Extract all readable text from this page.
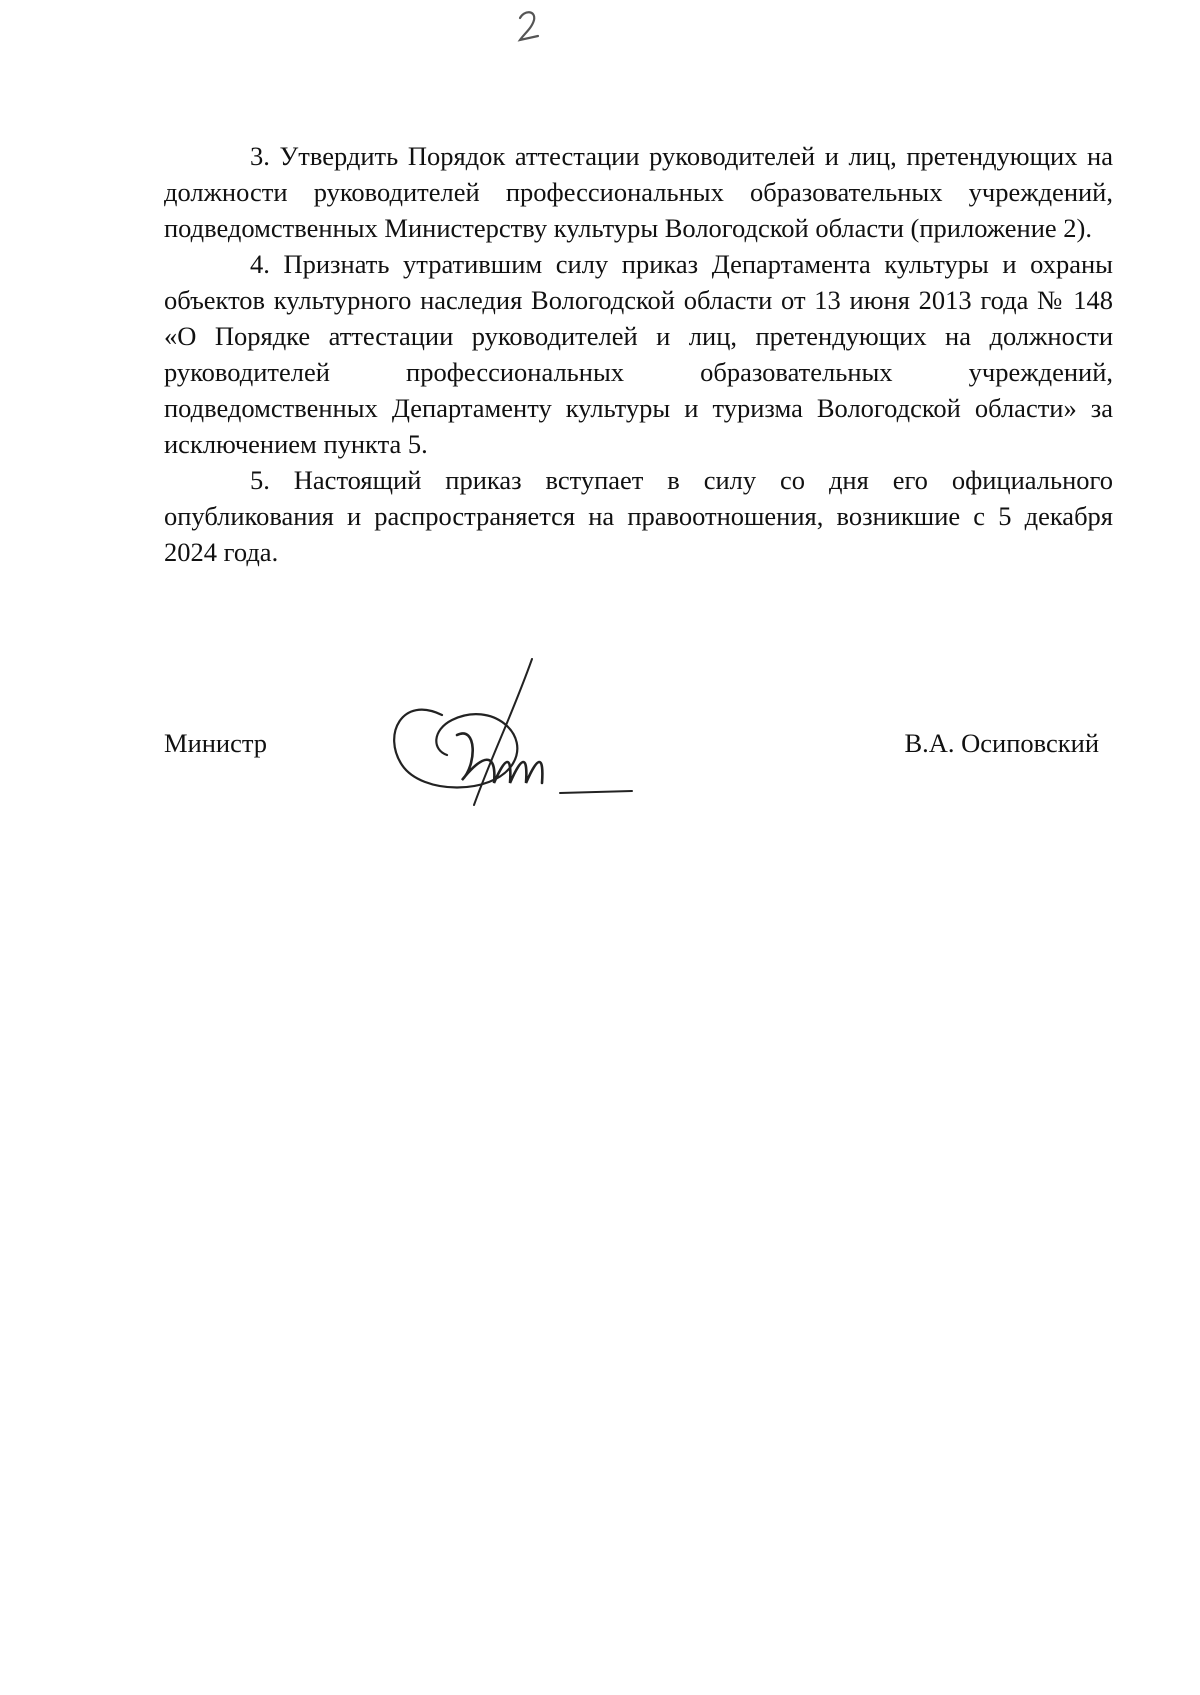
3. Утвердить Порядок аттестации руководителей и лиц, претендующих на должности руководителей профессиональных образовательных учреждений, подведомственных Министерству культуры Вологодской области (приложение 2).

4. Признать утратившим силу приказ Департамента культуры и охраны объектов культурного наследия Вологодской области от 13 июня 2013 года № 148 «О Порядке аттестации руководителей и лиц, претендующих на должности руководителей профессиональных образовательных учреждений, подведомственных Департаменту культуры и туризма Вологодской области» за исключением пункта 5.

5. Настоящий приказ вступает в силу со дня его официального опубликования и распространяется на правоотношения, возникшие с 5 декабря 2024 года.

Министр	В.А. Осиповский
